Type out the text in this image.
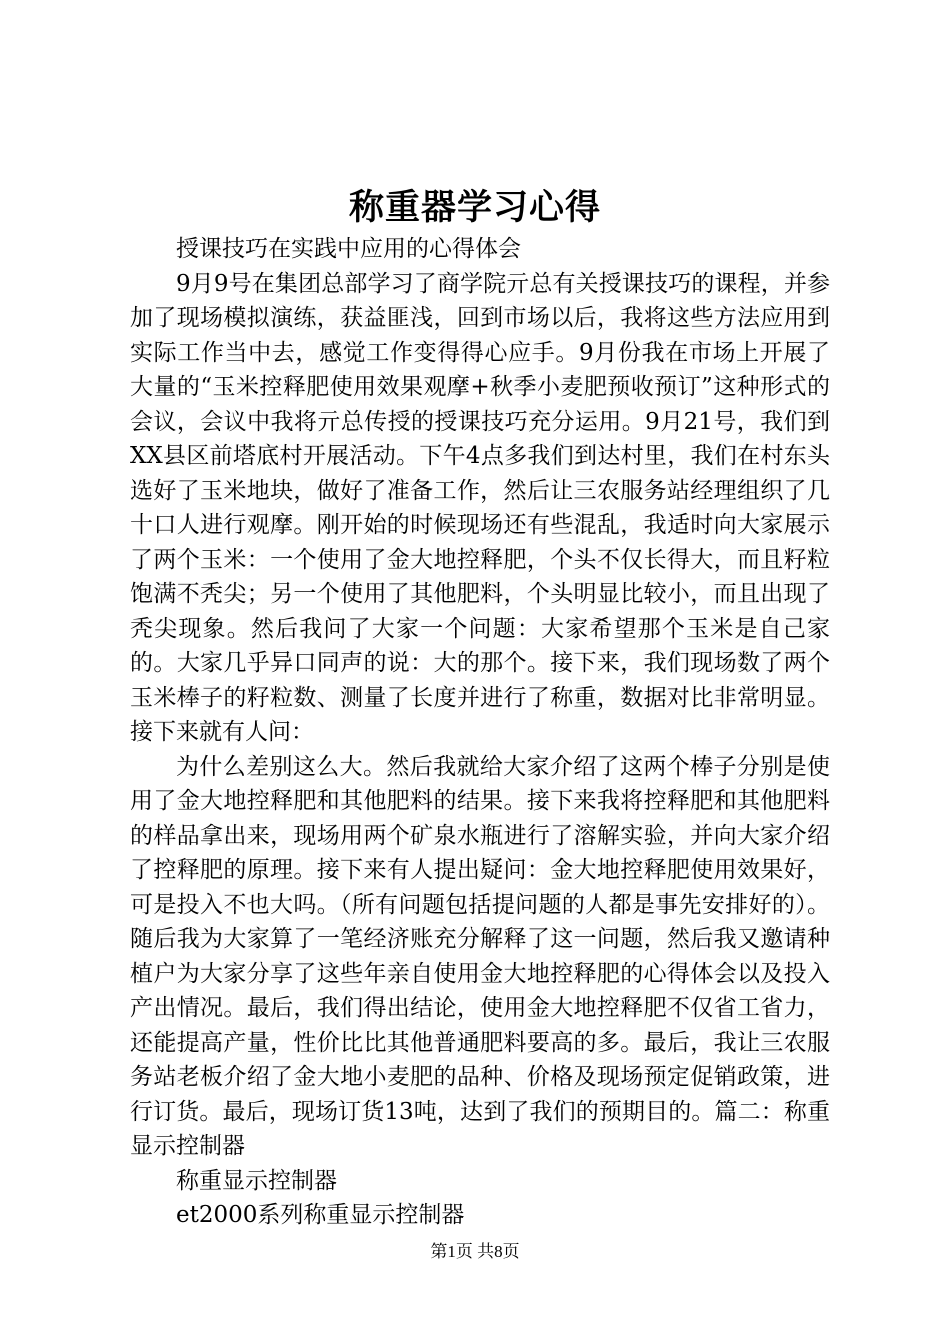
称重器学习心得

授课技巧在实践中应用的心得体会

9月9号在集团总部学习了商学院亓总有关授课技巧的课程，并参加了现场模拟演练，获益匪浅，回到市场以后，我将这些方法应用到实际工作当中去，感觉工作变得得心应手。9月份我在市场上开展了大量的“玉米控释肥使用效果观摩+秋季小麦肥预收预订”这种形式的会议，会议中我将亓总传授的授课技巧充分运用。9月21号，我们到XX县区前塔底村开展活动。下午4点多我们到达村里，我们在村东头选好了玉米地块，做好了准备工作，然后让三农服务站经理组织了几十口人进行观摩。刚开始的时候现场还有些混乱，我适时向大家展示了两个玉米：一个使用了金大地控释肥，个头不仅长得大，而且籽粒饱满不秃尖；另一个使用了其他肥料，个头明显比较小，而且出现了秃尖现象。然后我问了大家一个问题：大家希望那个玉米是自己家的。大家几乎异口同声的说：大的那个。接下来，我们现场数了两个玉米棒子的籽粒数、测量了长度并进行了称重，数据对比非常明显。接下来就有人问：

为什么差别这么大。然后我就给大家介绍了这两个棒子分别是使用了金大地控释肥和其他肥料的结果。接下来我将控释肥和其他肥料的样品拿出来，现场用两个矿泉水瓶进行了溶解实验，并向大家介绍了控释肥的原理。接下来有人提出疑问：金大地控释肥使用效果好，可是投入不也大吗。（所有问题包括提问题的人都是事先安排好的）。随后我为大家算了一笔经济账充分解释了这一问题，然后我又邀请种植户为大家分享了这些年亲自使用金大地控释肥的心得体会以及投入产出情况。最后，我们得出结论，使用金大地控释肥不仅省工省力，还能提高产量，性价比比其他普通肥料要高的多。最后，我让三农服务站老板介绍了金大地小麦肥的品种、价格及现场预定促销政策，进行订货。最后，现场订货13吨，达到了我们的预期目的。篇二：称重显示控制器

称重显示控制器

et2000系列称重显示控制器

第1页 共8页
